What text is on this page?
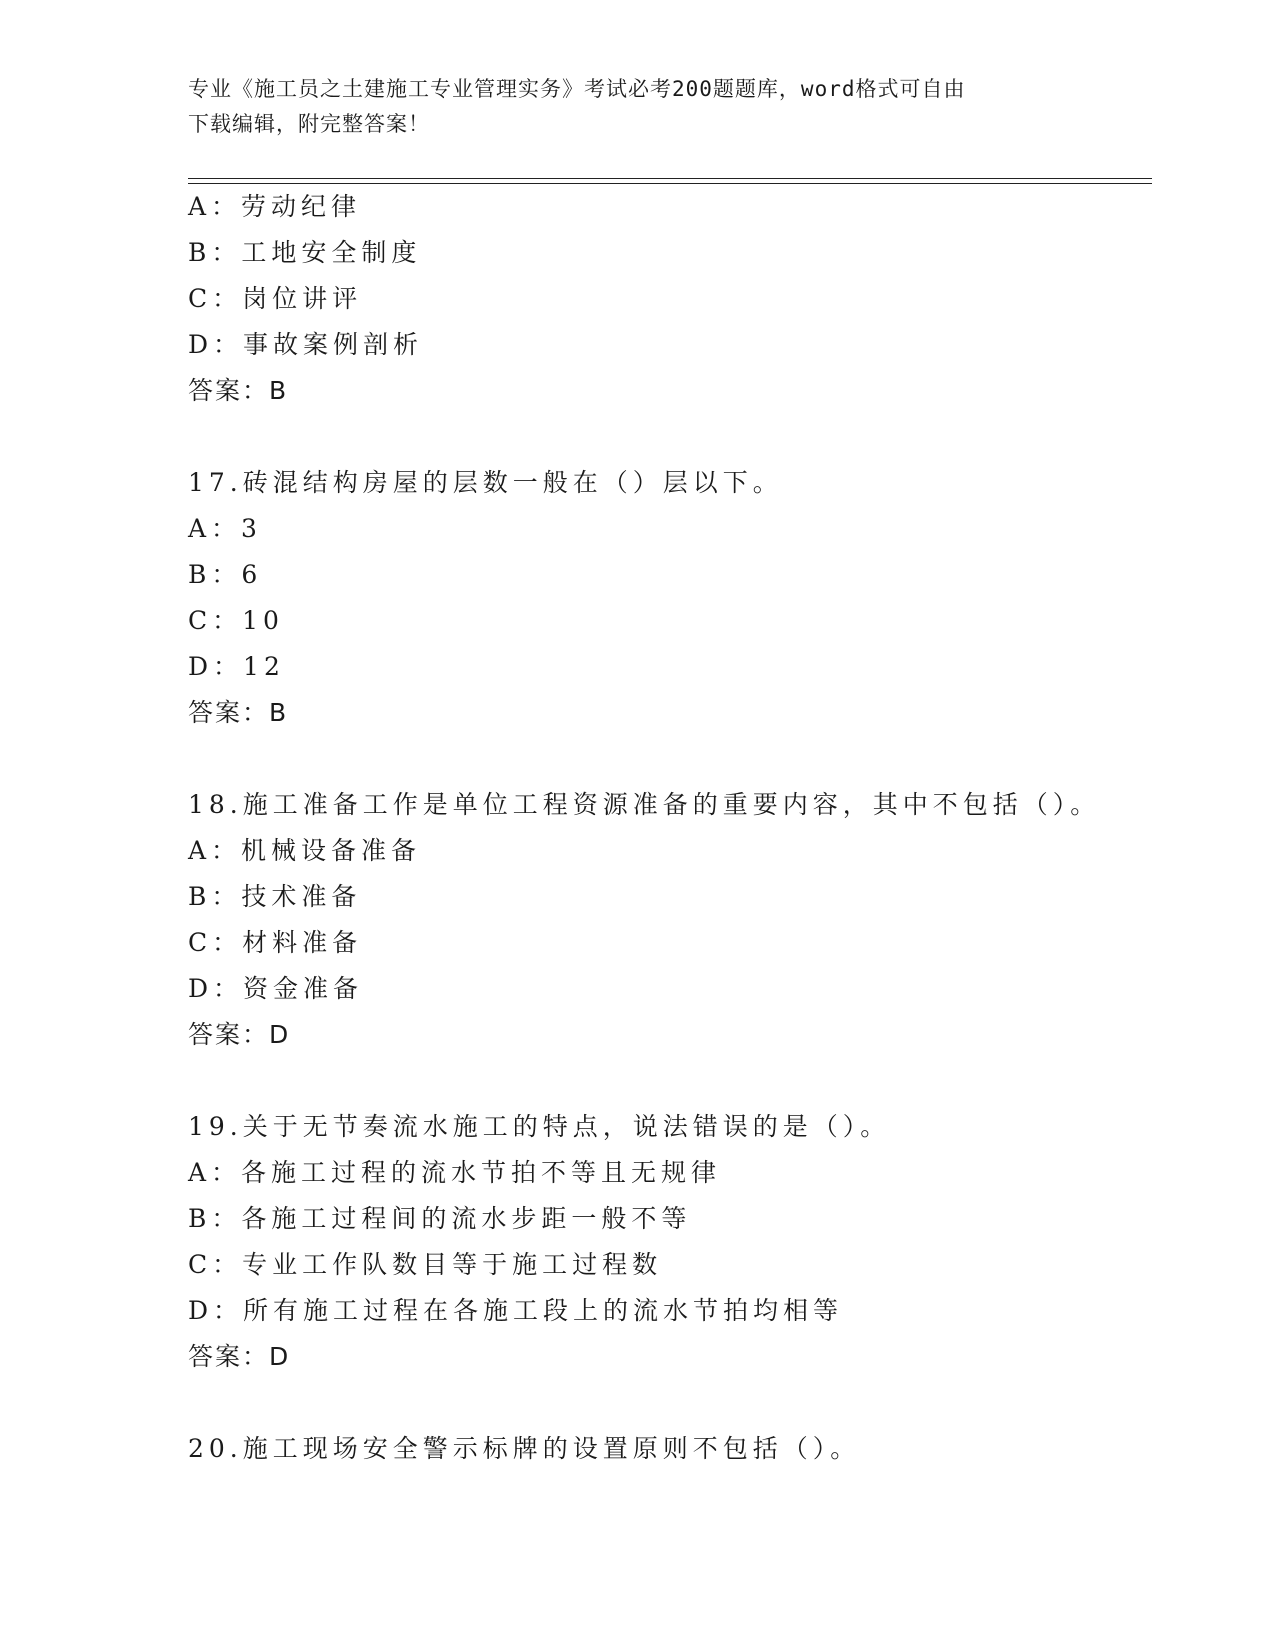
专业《施工员之土建施工专业管理实务》考试必考200题题库，word格式可自由
下载编辑，附完整答案！
A：劳动纪律
B：工地安全制度
C：岗位讲评
D：事故案例剖析
答案：B
17.砖混结构房屋的层数一般在（）层以下。
A：3
B：6
C：10
D：12
答案：B
18.施工准备工作是单位工程资源准备的重要内容，其中不包括（）。
A：机械设备准备
B：技术准备
C：材料准备
D：资金准备
答案：D
19.关于无节奏流水施工的特点，说法错误的是（）。
A：各施工过程的流水节拍不等且无规律
B：各施工过程间的流水步距一般不等
C：专业工作队数目等于施工过程数
D：所有施工过程在各施工段上的流水节拍均相等
答案：D
20.施工现场安全警示标牌的设置原则不包括（）。
